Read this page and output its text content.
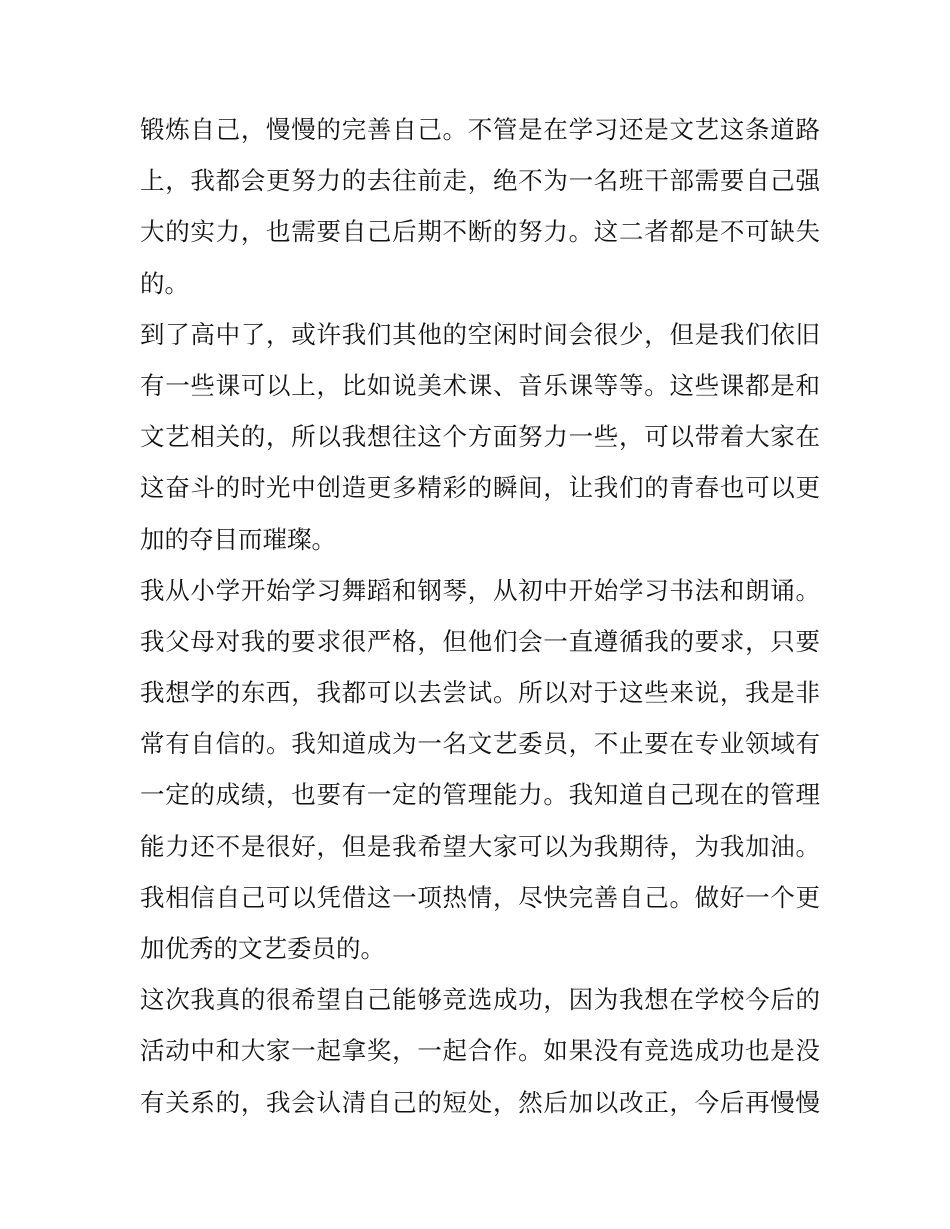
锻炼自己，慢慢的完善自己。不管是在学习还是文艺这条道路
上，我都会更努力的去往前走，绝不为一名班干部需要自己强
大的实力，也需要自己后期不断的努力。这二者都是不可缺失
的。
到了高中了，或许我们其他的空闲时间会很少，但是我们依旧
有一些课可以上，比如说美术课、音乐课等等。这些课都是和
文艺相关的，所以我想往这个方面努力一些，可以带着大家在
这奋斗的时光中创造更多精彩的瞬间，让我们的青春也可以更
加的夺目而璀璨。
我从小学开始学习舞蹈和钢琴，从初中开始学习书法和朗诵。
我父母对我的要求很严格，但他们会一直遵循我的要求，只要
我想学的东西，我都可以去尝试。所以对于这些来说，我是非
常有自信的。我知道成为一名文艺委员，不止要在专业领域有
一定的成绩，也要有一定的管理能力。我知道自己现在的管理
能力还不是很好，但是我希望大家可以为我期待，为我加油。
我相信自己可以凭借这一项热情，尽快完善自己。做好一个更
加优秀的文艺委员的。
这次我真的很希望自己能够竞选成功，因为我想在学校今后的
活动中和大家一起拿奖，一起合作。如果没有竞选成功也是没
有关系的，我会认清自己的短处，然后加以改正，今后再慢慢
